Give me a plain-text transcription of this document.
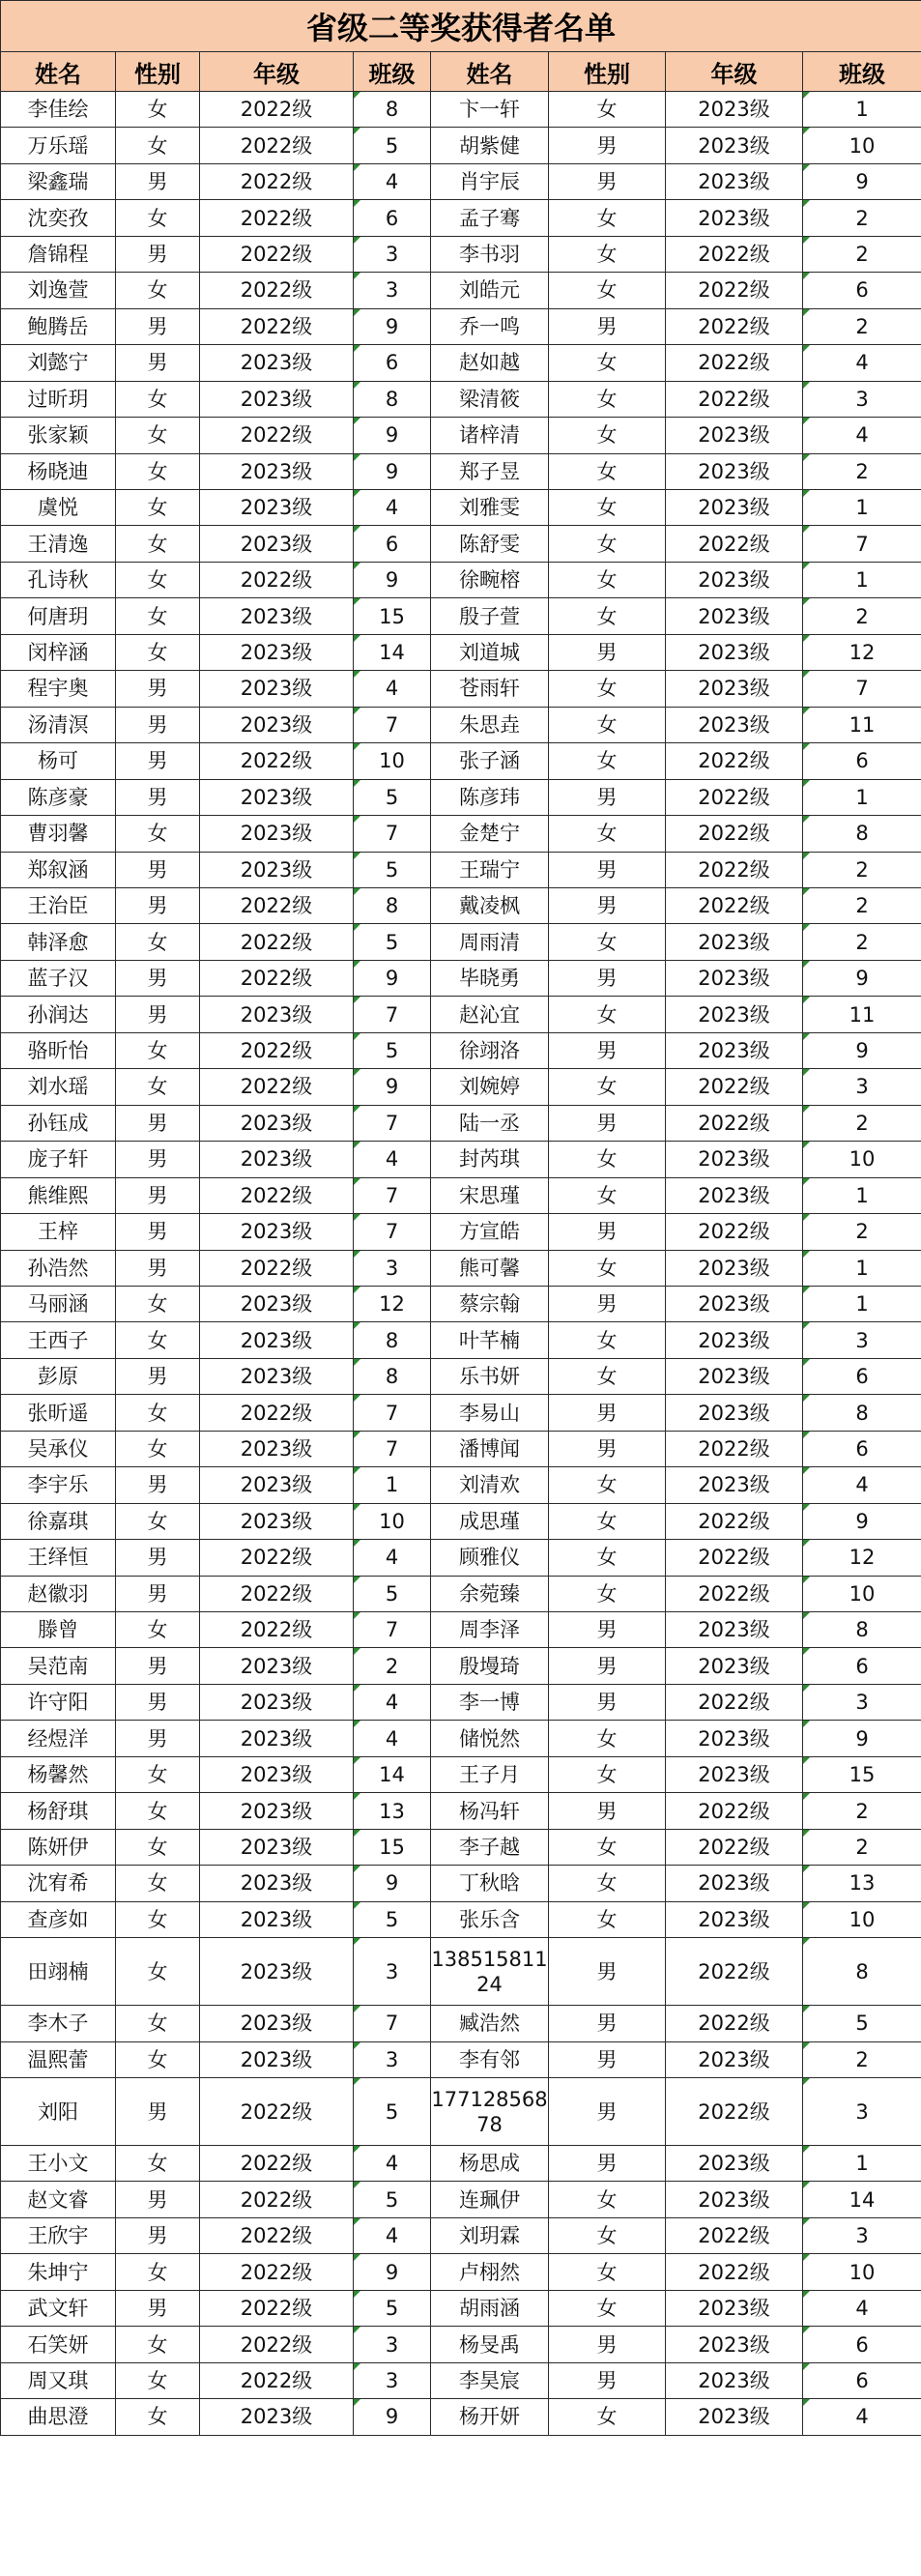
省级二等奖获得者名单							
姓名	性别	年级	班级	姓名	性别	年级	班级
李佳绘	女	2022级	8	卞一轩	女	2023级	1
万乐瑶	女	2022级	5	胡紫健	男	2023级	10
梁鑫瑞	男	2022级	4	肖宇辰	男	2023级	9
沈奕孜	女	2022级	6	孟子骞	女	2023级	2
詹锦程	男	2022级	3	李书羽	女	2022级	2
刘逸萱	女	2022级	3	刘皓元	女	2022级	6
鲍腾岳	男	2022级	9	乔一鸣	男	2022级	2
刘懿宁	男	2023级	6	赵如越	女	2022级	4
过昕玥	女	2023级	8	梁清筱	女	2022级	3
张家颖	女	2022级	9	诸梓清	女	2023级	4
杨晓迪	女	2023级	9	郑子昱	女	2023级	2
虞悦	女	2023级	4	刘雅雯	女	2023级	1
王清逸	女	2023级	6	陈舒雯	女	2022级	7
孔诗秋	女	2022级	9	徐畹榕	女	2023级	1
何唐玥	女	2023级	15	殷子萱	女	2023级	2
闵梓涵	女	2023级	14	刘道城	男	2023级	12
程宇奥	男	2023级	4	苍雨轩	女	2023级	7
汤清溟	男	2023级	7	朱思垚	女	2023级	11
杨可	男	2022级	10	张子涵	女	2022级	6
陈彦豪	男	2023级	5	陈彦玮	男	2022级	1
曹羽馨	女	2023级	7	金楚宁	女	2022级	8
郑叙涵	男	2023级	5	王瑞宁	男	2022级	2
王治臣	男	2022级	8	戴凌枫	男	2022级	2
韩泽愈	女	2022级	5	周雨清	女	2023级	2
蓝子汉	男	2022级	9	毕晓勇	男	2023级	9
孙润达	男	2023级	7	赵沁宜	女	2023级	11
骆昕怡	女	2022级	5	徐翊洛	男	2023级	9
刘水瑶	女	2022级	9	刘婉婷	女	2022级	3
孙钰成	男	2023级	7	陆一丞	男	2022级	2
庞子轩	男	2023级	4	封芮琪	女	2023级	10
熊维熙	男	2022级	7	宋思瑾	女	2023级	1
王梓	男	2023级	7	方宣皓	男	2022级	2
孙浩然	男	2022级	3	熊可馨	女	2023级	1
马丽涵	女	2023级	12	蔡宗翰	男	2023级	1
王西子	女	2023级	8	叶芊楠	女	2023级	3
彭原	男	2023级	8	乐书妍	女	2023级	6
张昕遥	女	2022级	7	李易山	男	2023级	8
吴承仪	女	2023级	7	潘博闻	男	2022级	6
李宇乐	男	2023级	1	刘清欢	女	2023级	4
徐嘉琪	女	2023级	10	成思瑾	女	2022级	9
王绎恒	男	2022级	4	顾雅仪	女	2022级	12
赵徽羽	男	2022级	5	余菀臻	女	2022级	10
滕曾	女	2022级	7	周李泽	男	2023级	8
吴范南	男	2023级	2	殷墁琦	男	2023级	6
许守阳	男	2023级	4	李一博	男	2022级	3
经煜洋	男	2023级	4	储悦然	女	2023级	9
杨馨然	女	2023级	14	王子月	女	2023级	15
杨舒琪	女	2023级	13	杨冯轩	男	2022级	2
陈妍伊	女	2023级	15	李子越	女	2022级	2
沈宥希	女	2023级	9	丁秋晗	女	2023级	13
查彦如	女	2023级	5	张乐含	女	2023级	10
田翊楠	女	2023级	3	13851581124	男	2022级	8
李木子	女	2023级	7	臧浩然	男	2022级	5
温熙蕾	女	2023级	3	李有邻	男	2023级	2
刘阳	男	2022级	5	17712856878	男	2022级	3
王小文	女	2022级	4	杨思成	男	2023级	1
赵文睿	男	2022级	5	连珮伊	女	2023级	14
王欣宇	男	2022级	4	刘玥霖	女	2022级	3
朱坤宁	女	2022级	9	卢栩然	女	2022级	10
武文轩	男	2022级	5	胡雨涵	女	2023级	4
石笑妍	女	2022级	3	杨旻禹	男	2023级	6
周又琪	女	2022级	3	李昊宸	男	2023级	6
曲思澄	女	2023级	9	杨开妍	女	2023级	4
